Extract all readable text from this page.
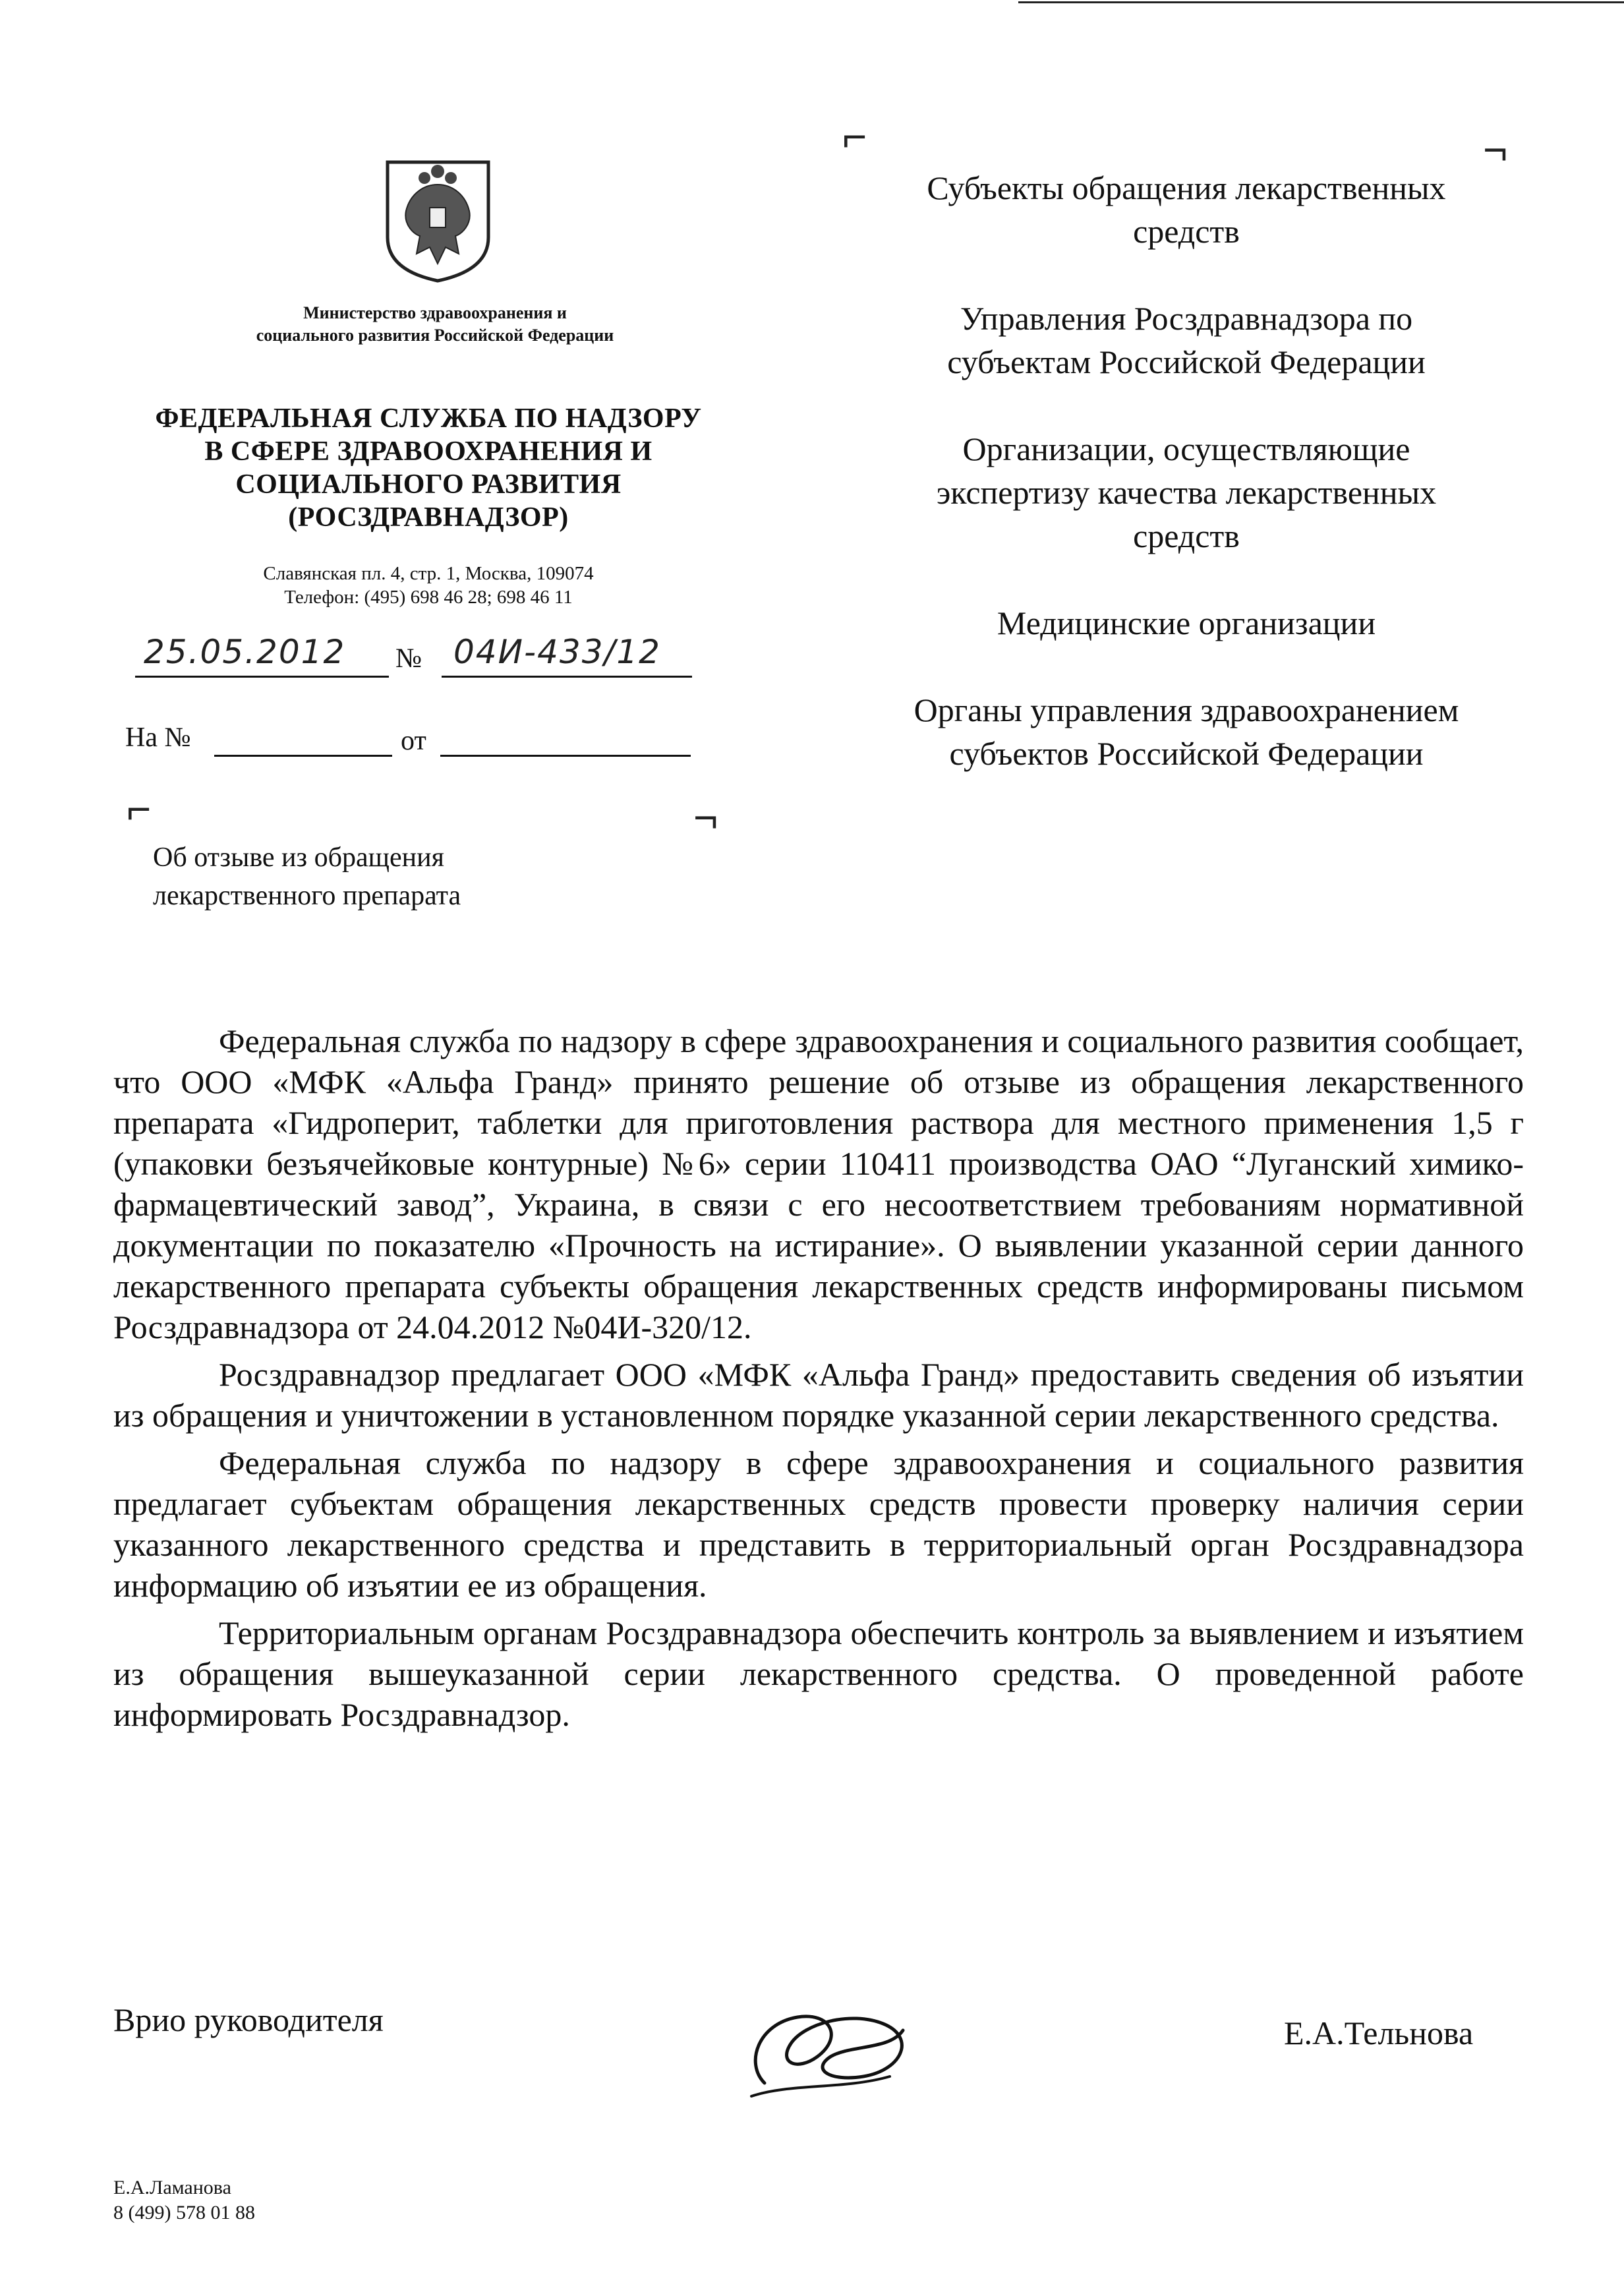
⌐	¬
⌐	¬
Министерство здравоохранения и
социального развития Российской Федерации
ФЕДЕРАЛЬНАЯ СЛУЖБА ПО НАДЗОРУ
В СФЕРЕ ЗДРАВООХРАНЕНИЯ И
СОЦИАЛЬНОГО РАЗВИТИЯ
(РОСЗДРАВНАДЗОР)
Славянская пл. 4, стр. 1, Москва, 109074
Телефон: (495) 698 46 28; 698 46 11
25.05.2012 № 04И-433/12
На №	от
Об отзыве из обращения
лекарственного препарата

Субъекты обращения лекарственных средств

Управления Росздравнадзора по субъектам Российской Федерации

Организации, осуществляющие экспертизу качества лекарственных средств

Медицинские организации

Органы управления здравоохранением субъектов Российской Федерации

Федеральная служба по надзору в сфере здравоохранения и социального развития сообщает, что ООО «МФК «Альфа Гранд» принято решение об отзыве из обращения лекарственного препарата «Гидроперит, таблетки для приготовления раствора для местного применения 1,5 г (упаковки безъячейковые контурные) №6» серии 110411 производства ОАО “Луганский химико-фармацевтический завод”, Украина, в связи с его несоответствием требованиям нормативной документации по показателю «Прочность на истирание». О выявлении указанной серии данного лекарственного препарата субъекты обращения лекарственных средств информированы письмом Росздравнадзора от 24.04.2012 №04И-320/12.

Росздравнадзор предлагает ООО «МФК «Альфа Гранд» предоставить сведения об изъятии из обращения и уничтожении в установленном порядке указанной серии лекарственного средства.

Федеральная служба по надзору в сфере здравоохранения и социального развития предлагает субъектам обращения лекарственных средств провести проверку наличия серии указанного лекарственного средства и представить в территориальный орган Росздравнадзора информацию об изъятии ее из обращения.

Территориальным органам Росздравнадзора обеспечить контроль за выявлением и изъятием из обращения вышеуказанной серии лекарственного средства. О проведенной работе информировать Росздравнадзор.

Врио руководителя	Е.А.Тельнова
Е.А.Ламанова
8 (499) 578 01 88
